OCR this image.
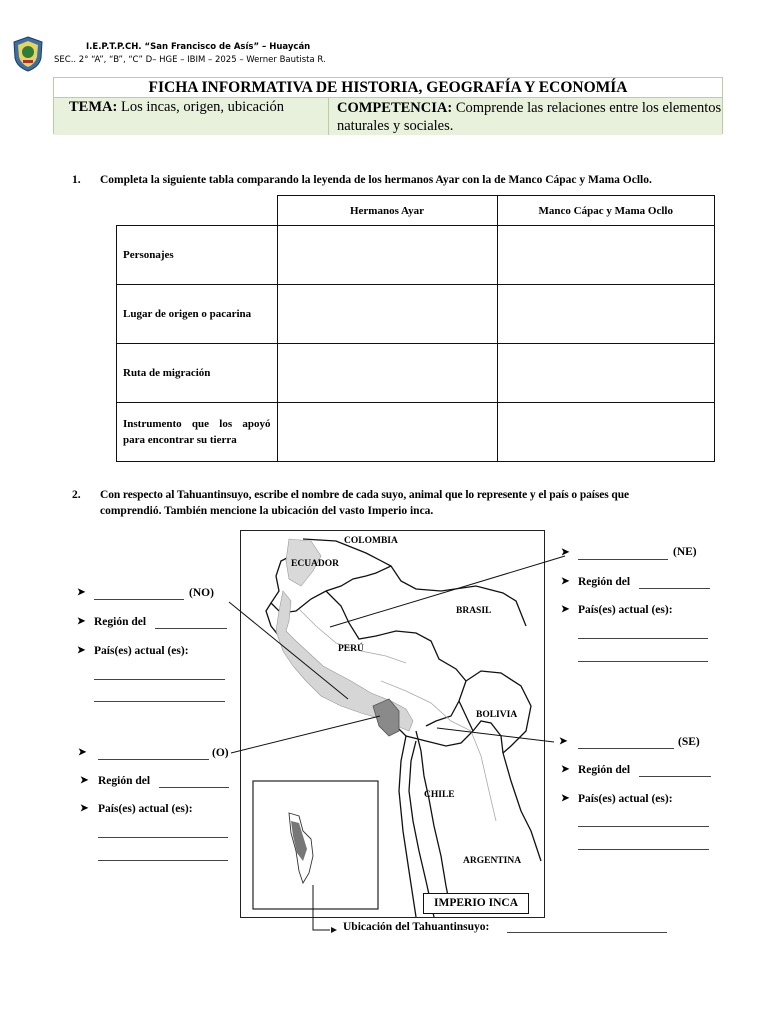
I.E.P.T.P.CH. “San Francisco de Asís” – Huaycán
SEC.. 2° “A”, “B”, “C” D– HGE – IBIM – 2025 – Werner Bautista R.
FICHA INFORMATIVA DE HISTORIA, GEOGRAFÍA Y ECONOMÍA
TEMA: Los incas, origen, ubicación	COMPETENCIA: Comprende las relaciones entre los elementos naturales y sociales.
1. Completa la siguiente tabla comparando la leyenda de los hermanos Ayar con la de Manco Cápac y Mama Ocllo.
	Hermanos Ayar	Manco Cápac y Mama Ocllo
Personajes		
Lugar de origen o pacarina		
Ruta de migración		
Instrumento que los apoyó para encontrar su tierra		
2. Con respecto al Tahuantinsuyo, escribe el nombre de cada suyo, animal que lo represente y el país o países que
comprendió. También mencione la ubicación del vasto Imperio inca.
COLOMBIA
ECUADOR
BRASIL
PERÚ
BOLIVIA
CHILE
ARGENTINA
IMPERIO INCA
➤	(NE)
➤ Región del
➤ País(es) actual (es):
➤	(NO)
➤ Región del
➤ País(es) actual (es):
➤	(O)
➤ Región del
➤ País(es) actual (es):
➤	(SE)
➤ Región del
➤ País(es) actual (es):
Ubicación del Tahuantinsuyo:
